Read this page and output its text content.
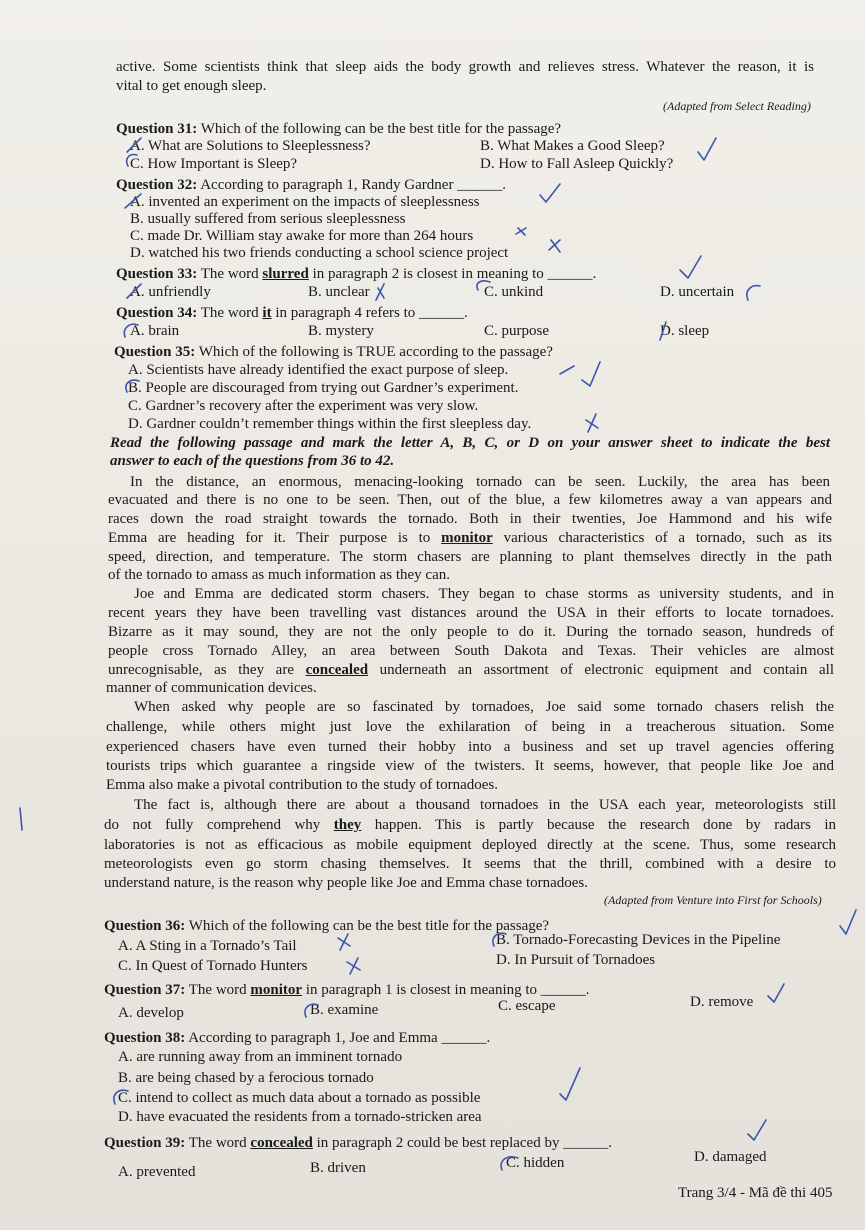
active. Some scientists think that sleep aids the body growth and relieves stress. Whatever the reason, it is
vital to get enough sleep.
(Adapted from Select Reading)
Question 31: Which of the following can be the best title for the passage?
A. What are Solutions to Sleeplessness?	B. What Makes a Good Sleep?
C. How Important is Sleep?	D. How to Fall Asleep Quickly?
Question 32: According to paragraph 1, Randy Gardner ______.
A. invented an experiment on the impacts of sleeplessness
B. usually suffered from serious sleeplessness
C. made Dr. William stay awake for more than 264 hours
D. watched his two friends conducting a school science project
Question 33: The word slurred in paragraph 2 is closest in meaning to ______.
A. unfriendly	B. unclear	C. unkind	D. uncertain
Question 34: The word it in paragraph 4 refers to ______.
A. brain	B. mystery	C. purpose	D. sleep
Question 35: Which of the following is TRUE according to the passage?
A. Scientists have already identified the exact purpose of sleep.
B. People are discouraged from trying out Gardner’s experiment.
C. Gardner’s recovery after the experiment was very slow.
D. Gardner couldn’t remember things within the first sleepless day.
Read the following passage and mark the letter A, B, C, or D on your answer sheet to indicate the best
answer to each of the questions from 36 to 42.
In the distance, an enormous, menacing-looking tornado can be seen. Luckily, the area has been
evacuated and there is no one to be seen. Then, out of the blue, a few kilometres away a van appears and
races down the road straight towards the tornado. Both in their twenties, Joe Hammond and his wife
Emma are heading for it. Their purpose is to monitor various characteristics of a tornado, such as its
speed, direction, and temperature. The storm chasers are planning to plant themselves directly in the path
of the tornado to amass as much information as they can.
Joe and Emma are dedicated storm chasers. They began to chase storms as university students, and in
recent years they have been travelling vast distances around the USA in their efforts to locate tornadoes.
Bizarre as it may sound, they are not the only people to do it. During the tornado season, hundreds of
people cross Tornado Alley, an area between South Dakota and Texas. Their vehicles are almost
unrecognisable, as they are concealed underneath an assortment of electronic equipment and contain all
manner of communication devices.
When asked why people are so fascinated by tornadoes, Joe said some tornado chasers relish the
challenge, while others might just love the exhilaration of being in a treacherous situation. Some
experienced chasers have even turned their hobby into a business and set up travel agencies offering
tourists trips which guarantee a ringside view of the twisters. It seems, however, that people like Joe and
Emma also make a pivotal contribution to the study of tornadoes.
The fact is, although there are about a thousand tornadoes in the USA each year, meteorologists still
do not fully comprehend why they happen. This is partly because the research done by radars in
laboratories is not as efficacious as mobile equipment deployed directly at the scene. Thus, some research
meteorologists even go storm chasing themselves. It seems that the thrill, combined with a desire to
understand nature, is the reason why people like Joe and Emma chase tornadoes.
(Adapted from Venture into First for Schools)
Question 36: Which of the following can be the best title for the passage?
A. A Sting in a Tornado’s Tail	B. Tornado-Forecasting Devices in the Pipeline
C. In Quest of Tornado Hunters	D. In Pursuit of Tornadoes
Question 37: The word monitor in paragraph 1 is closest in meaning to ______.
A. develop	B. examine	C. escape	D. remove
Question 38: According to paragraph 1, Joe and Emma ______.
A. are running away from an imminent tornado
B. are being chased by a ferocious tornado
C. intend to collect as much data about a tornado as possible
D. have evacuated the residents from a tornado-stricken area
Question 39: The word concealed in paragraph 2 could be best replaced by ______.
A. prevented	B. driven	C. hidden	D. damaged
Trang 3/4 - Mã đề thi 405
